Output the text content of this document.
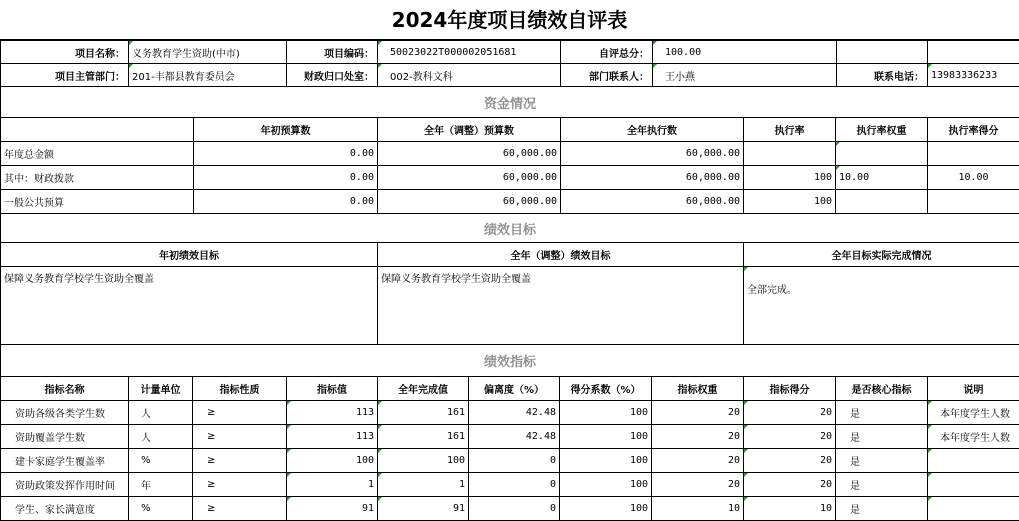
2024年度项目绩效自评表
项目名称：	义务教育学生资助(中市)	项目编码：	50023022T000002051681	自评总分：	100.00		
项目主管部门：	201-丰都县教育委员会	财政归口处室：	002-教科文科	部门联系人：	王小燕	联系电话：	13983336233
资金情况						
	年初预算数	全年（调整）预算数	全年执行数	执行率	执行率权重	执行率得分
年度总金额	0.00	60,000.00	60,000.00			
其中：财政拨款	0.00	60,000.00	60,000.00	100	10.00	10.00
一般公共预算	0.00	60,000.00	60,000.00	100		
绩效目标		
年初绩效目标	全年（调整）绩效目标	全年目标实际完成情况
保障义务教育学校学生资助全覆盖	保障义务教育学校学生资助全覆盖	全部完成。
绩效指标										
指标名称	计量单位	指标性质	指标值	全年完成值	偏离度（%）	得分系数（%）	指标权重	指标得分	是否核心指标	说明
资助各级各类学生数	人	≥	113	161	42.48	100	20	20	是	本年度学生人数
资助覆盖学生数	人	≥	113	161	42.48	100	20	20	是	本年度学生人数
建卡家庭学生覆盖率	%	≥	100	100	0	100	20	20	是	
资助政策发挥作用时间	年	≥	1	1	0	100	20	20	是	
学生、家长满意度	%	≥	91	91	0	100	10	10	是	
